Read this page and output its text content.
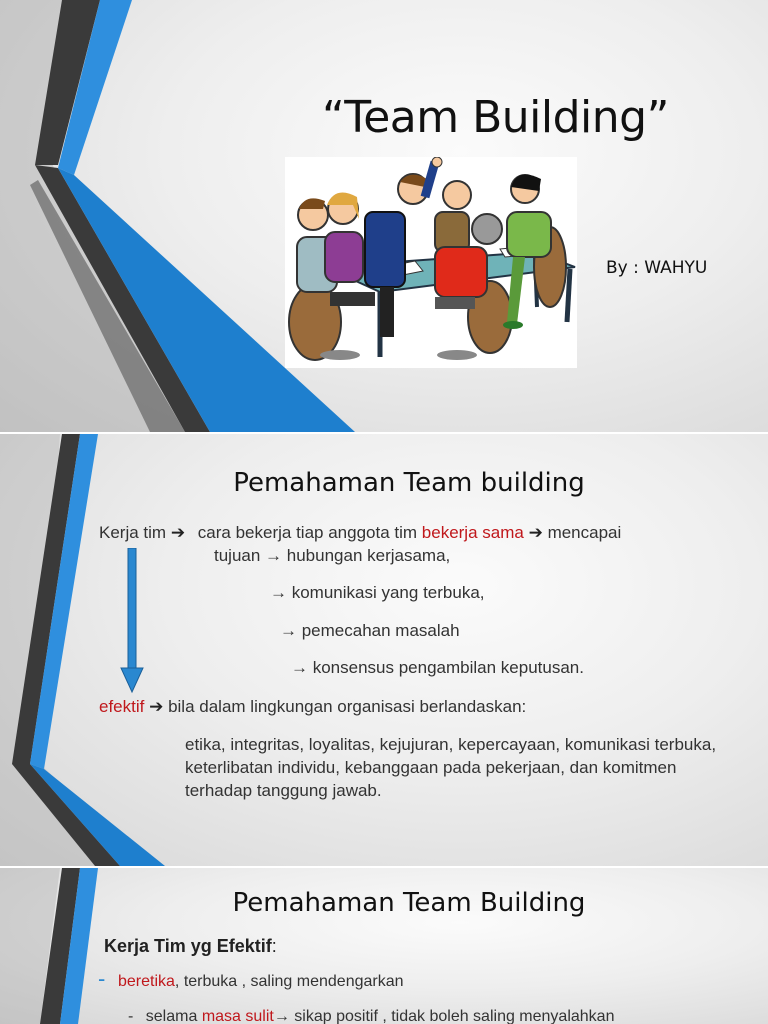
“Team Building”
By : WAHYU
Pemahaman Team building
Kerja tim ➔ cara bekerja tiap anggota tim bekerja sama ➔ mencapai
tujuan → hubungan kerjasama,
→ komunikasi yang terbuka,
→ pemecahan masalah
→ konsensus pengambilan keputusan.
efektif ➔ bila dalam lingkungan organisasi berlandaskan:
etika, integritas, loyalitas, kejujuran, kepercayaan, komunikasi terbuka, keterlibatan individu, kebanggaan pada pekerjaan, dan komitmen terhadap tanggung jawab.
Pemahaman Team Building
Kerja Tim yg Efektif:
- beretika, terbuka , saling mendengarkan
- selama masa sulit→ sikap positif , tidak boleh saling menyalahkan
